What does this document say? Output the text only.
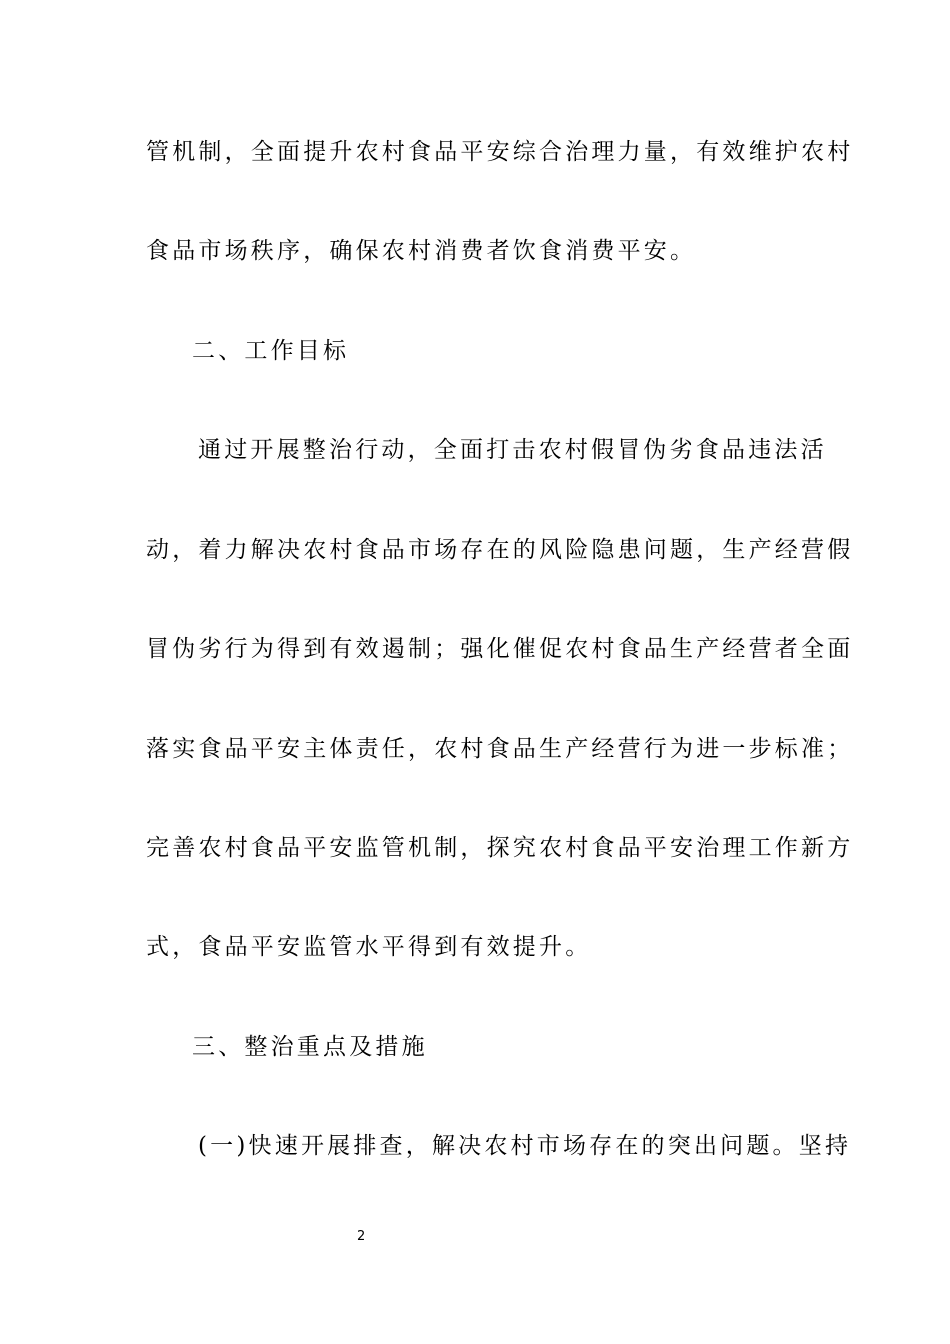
管机制，全面提升农村食品平安综合治理力量，有效维护农村
食品市场秩序，确保农村消费者饮食消费平安。
二、工作目标
通过开展整治行动，全面打击农村假冒伪劣食品违法活
动，着力解决农村食品市场存在的风险隐患问题，生产经营假
冒伪劣行为得到有效遏制；强化催促农村食品生产经营者全面
落实食品平安主体责任，农村食品生产经营行为进一步标准；
完善农村食品平安监管机制，探究农村食品平安治理工作新方
式，食品平安监管水平得到有效提升。
三、整治重点及措施
(一)快速开展排查，解决农村市场存在的突出问题。坚持
2
